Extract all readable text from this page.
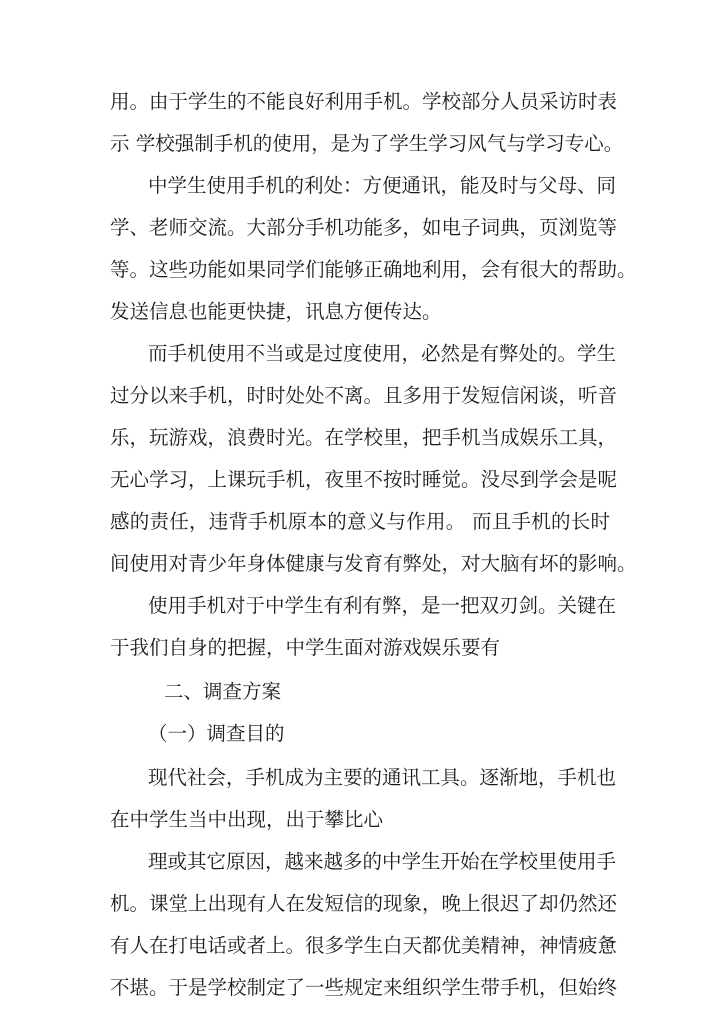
用。由于学生的不能良好利用手机。学校部分人员采访时表
示 学校强制手机的使用，是为了学生学习风气与学习专心。
中学生使用手机的利处：方便通讯，能及时与父母、同
学、老师交流。大部分手机功能多，如电子词典，页浏览等
等。这些功能如果同学们能够正确地利用，会有很大的帮助。
发送信息也能更快捷，讯息方便传达。
而手机使用不当或是过度使用，必然是有弊处的。学生
过分以来手机，时时处处不离。且多用于发短信闲谈，听音
乐，玩游戏，浪费时光。在学校里，把手机当成娱乐工具，
无心学习，上课玩手机，夜里不按时睡觉。没尽到学会是呢
感的责任，违背手机原本的意义与作用。 而且手机的长时
间使用对青少年身体健康与发育有弊处，对大脑有坏的影响。
使用手机对于中学生有利有弊，是一把双刃剑。关键在
于我们自身的把握，中学生面对游戏娱乐要有
二、调查方案
（一）调查目的
现代社会，手机成为主要的通讯工具。逐渐地，手机也
在中学生当中出现，出于攀比心
理或其它原因，越来越多的中学生开始在学校里使用手
机。课堂上出现有人在发短信的现象，晚上很迟了却仍然还
有人在打电话或者上。很多学生白天都优美精神，神情疲惫
不堪。于是学校制定了一些规定来组织学生带手机，但始终
